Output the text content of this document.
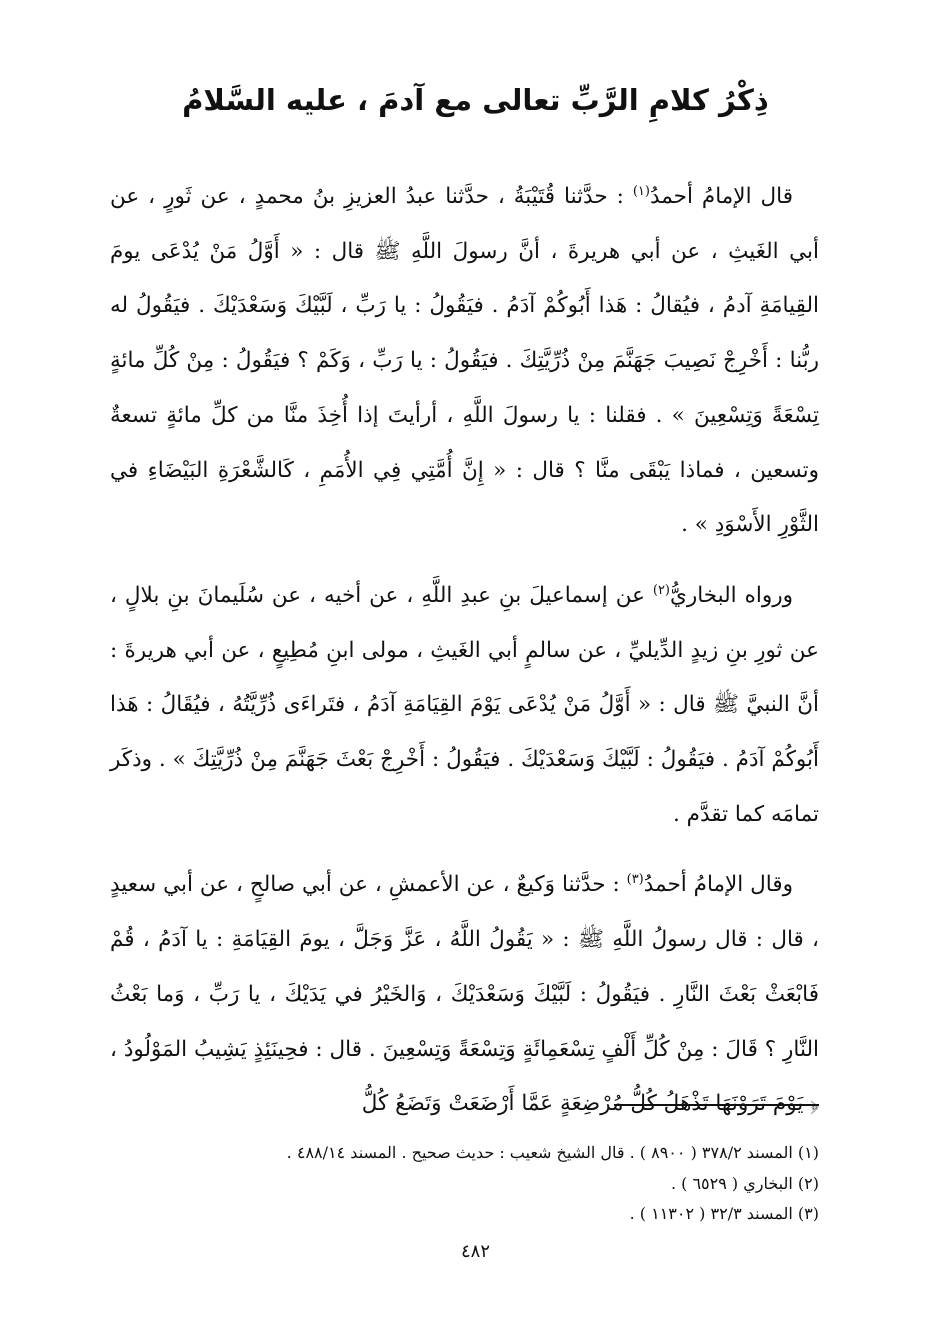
ذِكْرُ كلامِ الرَّبِّ تعالى مع آدمَ ، عليه السَّلامُ

قال الإمامُ أحمدُ$^{(١)}$ : حدَّثنا قُتَيْبَةُ ، حدَّثنا عبدُ العزيزِ بنُ محمدٍ ، عن ثَورٍ ، عن أبي الغَيثِ ، عن أبي هريرةَ ، أنَّ رسولَ اللَّهِ ﷺ قال : « أَوَّلُ مَنْ يُدْعَى يومَ القِيامَةِ آدمُ ، فيُقالُ : هَذا أَبُوكُمْ آدَمُ . فيَقُولُ : يا رَبِّ ، لَبَّيْكَ وَسَعْدَيْكَ . فيَقُولُ له ربُّنا : أَخْرِجْ نَصِيبَ جَهَنَّمَ مِنْ ذُرِّيَّتِكَ . فيَقُولُ : يا رَبِّ ، وَكَمْ ؟ فيَقُولُ : مِنْ كُلِّ مائةٍ تِسْعَةً وَتِسْعِينَ » . فقلنا : يا رسولَ اللَّهِ ، أرأيتَ إذا أُخِذَ منَّا من كلِّ مائةٍ تسعةٌ وتسعين ، فماذا يَبْقَى منَّا ؟ قال : « إِنَّ أُمَّتِي فِي الأُمَمِ ، كَالشَّعْرَةِ البَيْضَاءِ في الثَّوْرِ الأَسْوَدِ » .

ورواه البخاريُّ$^{(٢)}$ عن إسماعيلَ بنِ عبدِ اللَّهِ ، عن أخيه ، عن سُلَيمانَ بنِ بلالٍ ، عن ثورِ بنِ زيدٍ الدِّيليِّ ، عن سالمٍ أبي الغَيثِ ، مولى ابنِ مُطِيعٍ ، عن أبي هريرةَ : أنَّ النبيَّ ﷺ قال : « أَوَّلُ مَنْ يُدْعَى يَوْمَ القِيَامَةِ آدَمُ ، فتَراءَى ذُرِّيَّتُهُ ، فيُقَالُ : هَذا أَبُوكُمْ آدَمُ . فيَقُولُ : لَبَّيْكَ وَسَعْدَيْكَ . فيَقُولُ : أَخْرِجْ بَعْثَ جَهَنَّمَ مِنْ ذُرِّيَّتِكَ » . وذكَر تمامَه كما تقدَّم .

وقال الإمامُ أحمدُ$^{(٣)}$ : حدَّثنا وَكيعٌ ، عن الأعمشِ ، عن أبي صالحٍ ، عن أبي سعيدٍ ، قال : قال رسولُ اللَّهِ ﷺ : « يَقُولُ اللَّهُ ، عَزَّ وَجَلَّ ، يومَ القِيَامَةِ : يا آدَمُ ، قُمْ فَابْعَثْ بَعْثَ النَّارِ . فيَقُولُ : لَبَّيْكَ وَسَعْدَيْكَ ، وَالخَيْرُ في يَدَيْكَ ، يا رَبِّ ، وَما بَعْثُ النَّارِ ؟ قَالَ : مِنْ كُلِّ أَلْفٍ تِسْعَمِائَةٍ وَتِسْعَةً وَتِسْعِينَ . قال : فحِينَئِذٍ يَشِيبُ المَوْلُودُ ، ﴿ يَوْمَ تَرَوْنَهَا تَذْهَلُ كُلُّ مُرْضِعَةٍ عَمَّا أَرْضَعَتْ وَتَضَعُ كُلُّ

(١) المسند ٣٧٨/٢ ( ٨٩٠٠ ) . قال الشيخ شعيب : حديث صحيح . المسند ٤٨٨/١٤ .

(٢) البخاري ( ٦٥٢٩ ) .

(٣) المسند ٣٢/٣ ( ١١٣٠٢ ) .

٤٨٢
